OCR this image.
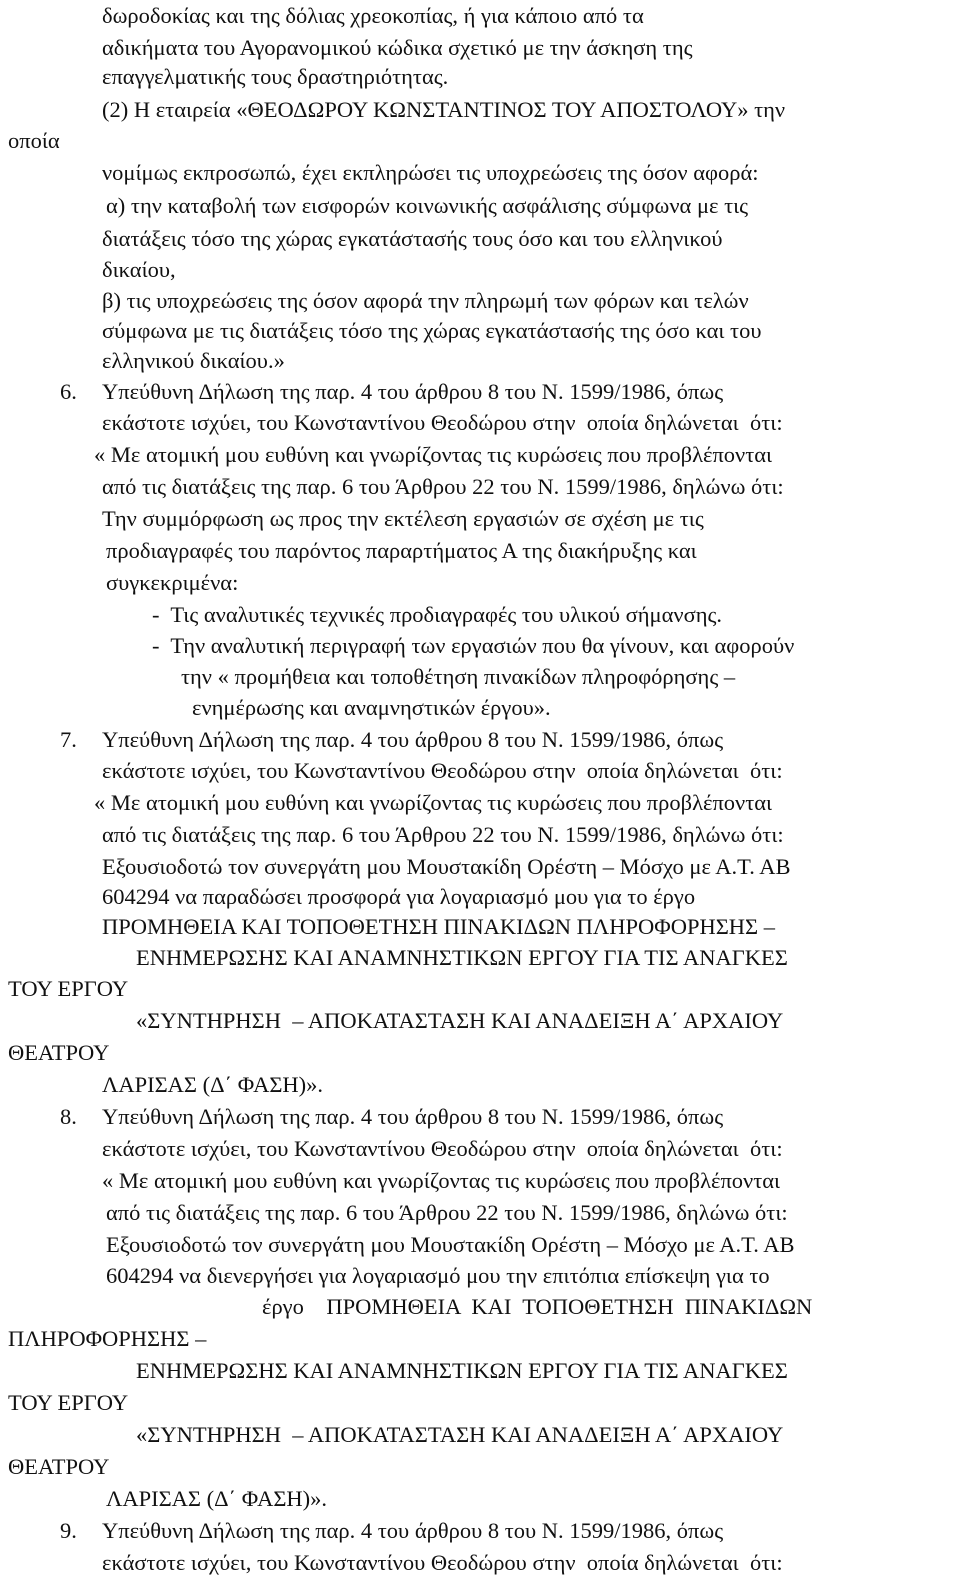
δωροδοκίας και της δόλιας χρεοκοπίας, ή για κάποιο από τα
αδικήματα του Αγορανομικού κώδικα σχετικό με την άσκηση της
επαγγελματικής τους δραστηριότητας.
(2) Η εταιρεία «ΘΕΟΔΩΡΟΥ ΚΩΝΣΤΑΝΤΙΝΟΣ ΤΟΥ ΑΠΟΣΤΟΛΟΥ» την
οποία
νομίμως εκπροσωπώ, έχει εκπληρώσει τις υποχρεώσεις της όσον αφορά:
α) την καταβολή των εισφορών κοινωνικής ασφάλισης σύμφωνα με τις
διατάξεις τόσο της χώρας εγκατάστασής τους όσο και του ελληνικού
δικαίου,
β) τις υποχρεώσεις της όσον αφορά την πληρωμή των φόρων και τελών
σύμφωνα με τις διατάξεις τόσο της χώρας εγκατάστασής της όσο και του
ελληνικού δικαίου.»
6. Υπεύθυνη Δήλωση της παρ. 4 του άρθρου 8 του Ν. 1599/1986, όπως
εκάστοτε ισχύει, του Κωνσταντίνου Θεοδώρου στην  οποία δηλώνεται  ότι:
« Με ατομική μου ευθύνη και γνωρίζοντας τις κυρώσεις που προβλέπονται
από τις διατάξεις της παρ. 6 του Άρθρου 22 του Ν. 1599/1986, δηλώνω ότι:
Την συμμόρφωση ως προς την εκτέλεση εργασιών σε σχέση με τις
προδιαγραφές του παρόντος παραρτήματος Α της διακήρυξης και
συγκεκριμένα:
-  Τις αναλυτικές τεχνικές προδιαγραφές του υλικού σήμανσης.
-  Την αναλυτική περιγραφή των εργασιών που θα γίνουν, και αφορούν
την « προμήθεια και τοποθέτηση πινακίδων πληροφόρησης –
ενημέρωσης και αναμνηστικών έργου».
7. Υπεύθυνη Δήλωση της παρ. 4 του άρθρου 8 του Ν. 1599/1986, όπως
εκάστοτε ισχύει, του Κωνσταντίνου Θεοδώρου στην  οποία δηλώνεται  ότι:
« Με ατομική μου ευθύνη και γνωρίζοντας τις κυρώσεις που προβλέπονται
από τις διατάξεις της παρ. 6 του Άρθρου 22 του Ν. 1599/1986, δηλώνω ότι:
Εξουσιοδοτώ τον συνεργάτη μου Μουστακίδη Ορέστη – Μόσχο με Α.Τ. ΑΒ
604294 να παραδώσει προσφορά για λογαριασμό μου για το έργο
ΠΡΟΜΗΘΕΙΑ ΚΑΙ ΤΟΠΟΘΕΤΗΣΗ ΠΙΝΑΚΙΔΩΝ ΠΛΗΡΟΦΟΡΗΣΗΣ –
ΕΝΗΜΕΡΩΣΗΣ ΚΑΙ ΑΝΑΜΝΗΣΤΙΚΩΝ ΕΡΓΟΥ ΓΙΑ ΤΙΣ ΑΝΑΓΚΕΣ
ΤΟΥ ΕΡΓΟΥ
«ΣΥΝΤΗΡΗΣΗ  – ΑΠΟΚΑΤΑΣΤΑΣΗ ΚΑΙ ΑΝΑΔΕΙΞΗ Α΄ ΑΡΧΑΙΟΥ
ΘΕΑΤΡΟΥ
ΛΑΡΙΣΑΣ (Δ΄ ΦΑΣΗ)».
8. Υπεύθυνη Δήλωση της παρ. 4 του άρθρου 8 του Ν. 1599/1986, όπως
εκάστοτε ισχύει, του Κωνσταντίνου Θεοδώρου στην  οποία δηλώνεται  ότι:
« Με ατομική μου ευθύνη και γνωρίζοντας τις κυρώσεις που προβλέπονται
από τις διατάξεις της παρ. 6 του Άρθρου 22 του Ν. 1599/1986, δηλώνω ότι:
Εξουσιοδοτώ τον συνεργάτη μου Μουστακίδη Ορέστη – Μόσχο με Α.Τ. ΑΒ
604294 να διενεργήσει για λογαριασμό μου την επιτόπια επίσκεψη για το
έργο    ΠΡΟΜΗΘΕΙΑ  ΚΑΙ  ΤΟΠΟΘΕΤΗΣΗ  ΠΙΝΑΚΙΔΩΝ
ΠΛΗΡΟΦΟΡΗΣΗΣ –
ΕΝΗΜΕΡΩΣΗΣ ΚΑΙ ΑΝΑΜΝΗΣΤΙΚΩΝ ΕΡΓΟΥ ΓΙΑ ΤΙΣ ΑΝΑΓΚΕΣ
ΤΟΥ ΕΡΓΟΥ
«ΣΥΝΤΗΡΗΣΗ  – ΑΠΟΚΑΤΑΣΤΑΣΗ ΚΑΙ ΑΝΑΔΕΙΞΗ Α΄ ΑΡΧΑΙΟΥ
ΘΕΑΤΡΟΥ
ΛΑΡΙΣΑΣ (Δ΄ ΦΑΣΗ)».
9. Υπεύθυνη Δήλωση της παρ. 4 του άρθρου 8 του Ν. 1599/1986, όπως
εκάστοτε ισχύει, του Κωνσταντίνου Θεοδώρου στην  οποία δηλώνεται  ότι:
